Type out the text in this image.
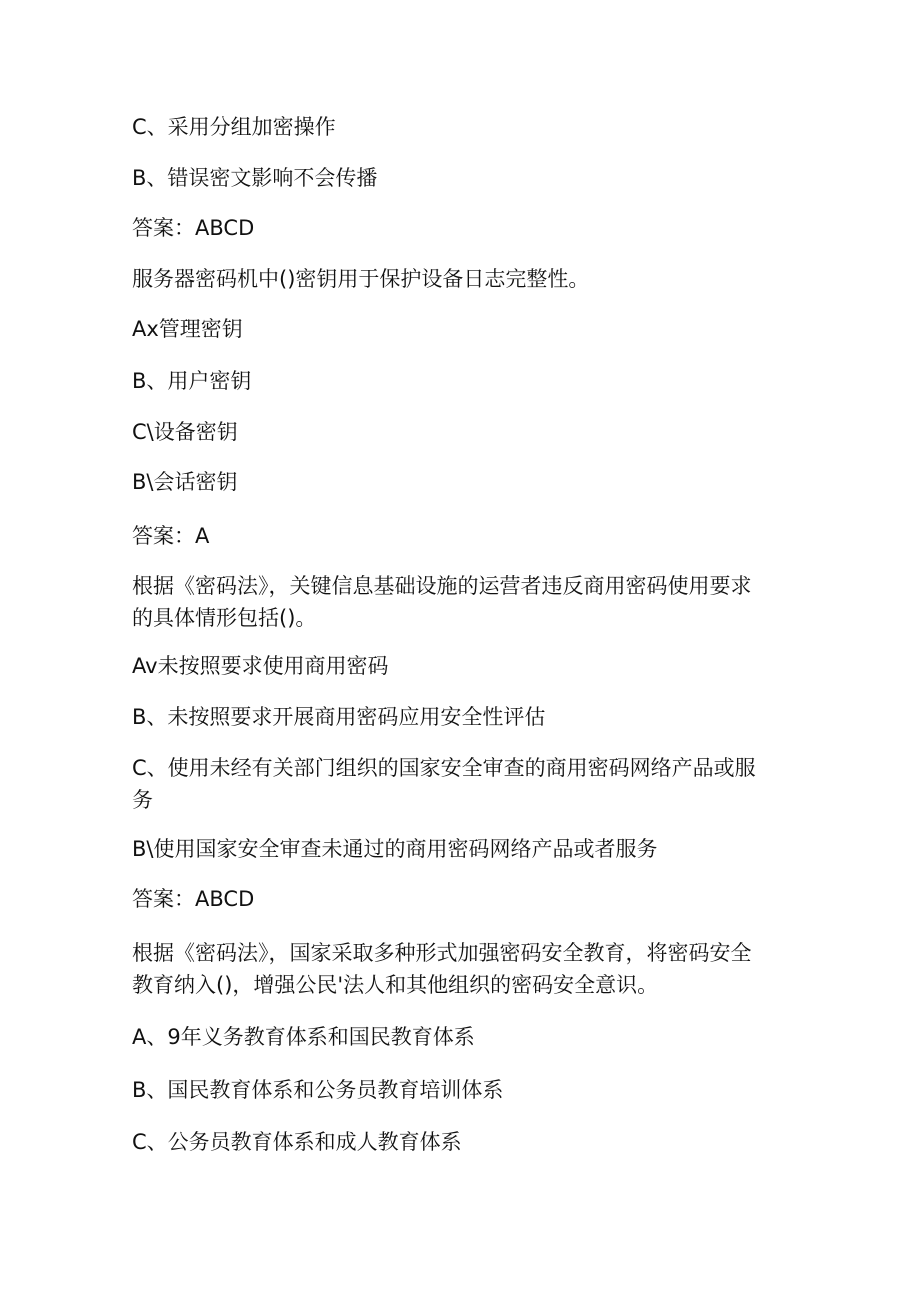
C、采用分组加密操作
B、错误密文影响不会传播
答案：ABCD
服务器密码机中()密钥用于保护设备日志完整性。
Ax管理密钥
B、用户密钥
C\设备密钥
B\会话密钥
答案：A
根据《密码法》，关键信息基础设施的运营者违反商用密码使用要求
的具体情形包括()。
Av未按照要求使用商用密码
B、未按照要求开展商用密码应用安全性评估
C、使用未经有关部门组织的国家安全审查的商用密码网络产品或服
务
B\使用国家安全审查未通过的商用密码网络产品或者服务
答案：ABCD
根据《密码法》，国家采取多种形式加强密码安全教育，将密码安全
教育纳入()，增强公民'法人和其他组织的密码安全意识。
A、9年义务教育体系和国民教育体系
B、国民教育体系和公务员教育培训体系
C、公务员教育体系和成人教育体系
